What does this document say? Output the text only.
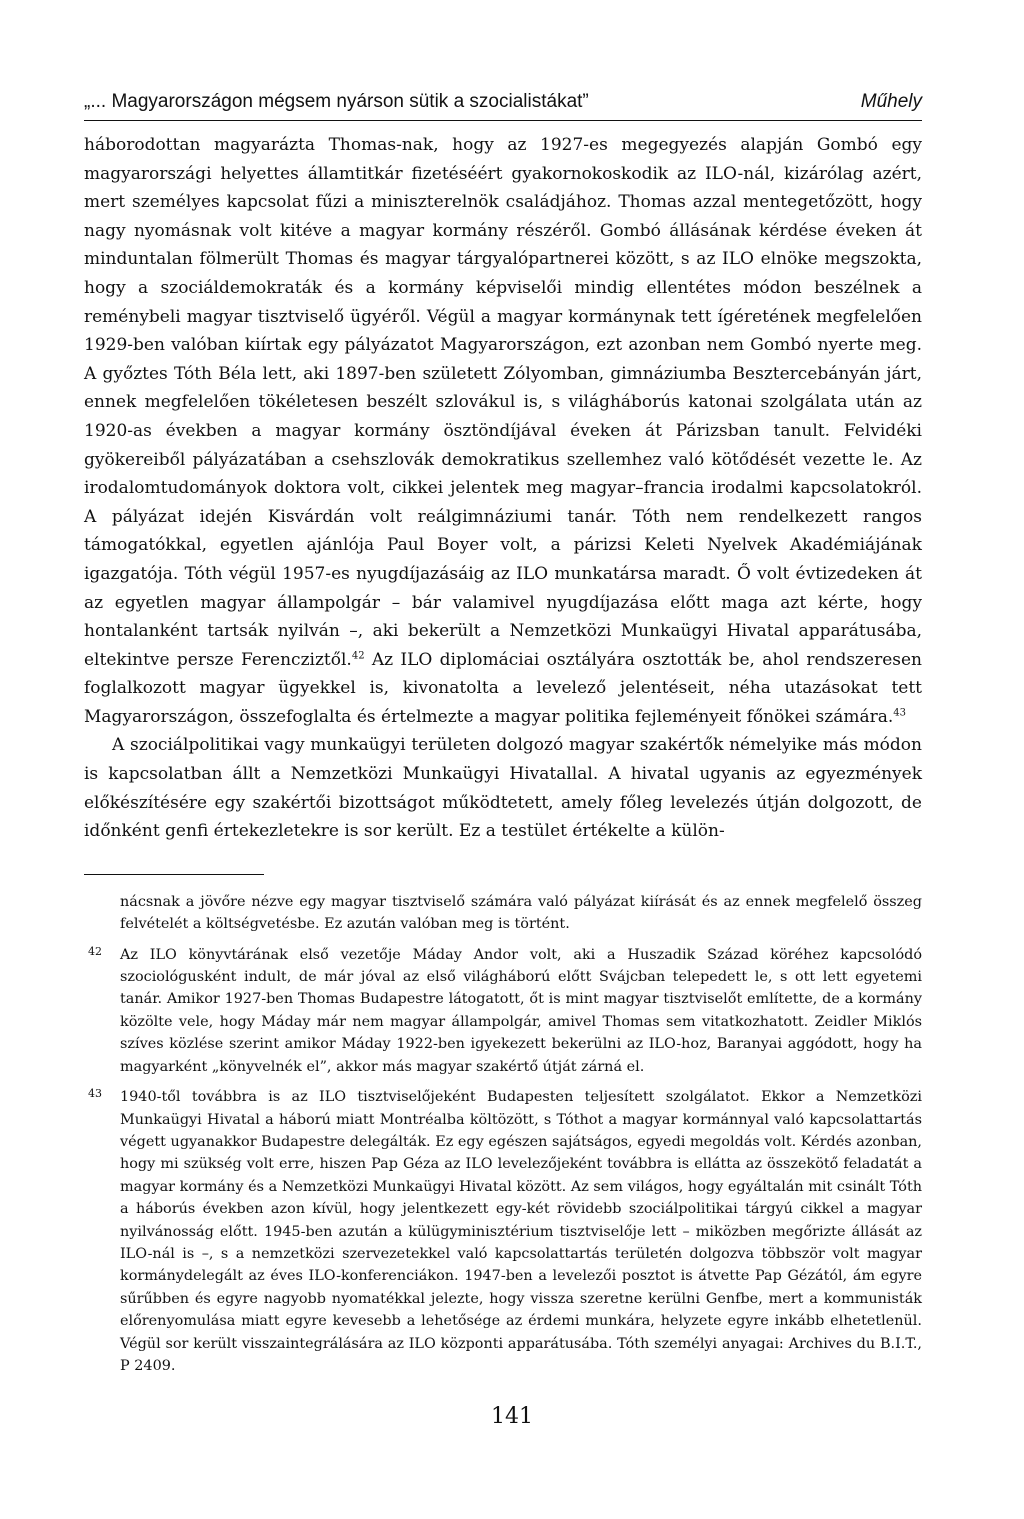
„... Magyarországon mégsem nyárson sütik a szocialistákat”	Műhely

háborodottan magyarázta Thomas-nak, hogy az 1927-es megegyezés alapján Gombó egy magyarországi helyettes államtitkár fizetéséért gyakornokoskodik az ILO-nál, kizárólag azért, mert személyes kapcsolat fűzi a miniszterelnök családjához. Thomas azzal mentegetőzött, hogy nagy nyomásnak volt kitéve a magyar kormány részéről. Gombó állásának kérdése éveken át minduntalan fölmerült Thomas és magyar tárgyalópartnerei között, s az ILO elnöke megszokta, hogy a szociáldemokraták és a kormány képviselői mindig ellentétes módon beszélnek a reménybeli magyar tisztviselő ügyéről. Végül a magyar kormánynak tett ígéretének megfelelően 1929-ben valóban kiírtak egy pályázatot Magyarországon, ezt azonban nem Gombó nyerte meg. A győztes Tóth Béla lett, aki 1897-ben született Zólyomban, gimnáziumba Besztercebányán járt, ennek megfelelően tökéletesen beszélt szlovákul is, s világháborús katonai szolgálata után az 1920-as években a magyar kormány ösztöndíjával éveken át Párizsban tanult. Felvidéki gyökereiből pályázatában a csehszlovák demokratikus szellemhez való kötődését vezette le. Az irodalomtudományok doktora volt, cikkei jelentek meg magyar–francia irodalmi kapcsolatokról. A pályázat idején Kisvárdán volt reálgimnáziumi tanár. Tóth nem rendelkezett rangos támogatókkal, egyetlen ajánlója Paul Boyer volt, a párizsi Keleti Nyelvek Akadémiájának igazgatója. Tóth végül 1957-es nyugdíjazásáig az ILO munkatársa maradt. Ő volt évtizedeken át az egyetlen magyar állampolgár – bár valamivel nyugdíjazása előtt maga azt kérte, hogy hontalanként tartsák nyilván –, aki bekerült a Nemzetközi Munkaügyi Hivatal apparátusába, eltekintve persze Ferencziztől.$^{42}$ Az ILO diplomáciai osztályára osztották be, ahol rendszeresen foglalkozott magyar ügyekkel is, kivonatolta a levelező jelentéseit, néha utazásokat tett Magyarországon, összefoglalta és értelmezte a magyar politika fejleményeit főnökei számára.$^{43}$

A szociálpolitikai vagy munkaügyi területen dolgozó magyar szakértők némelyike más módon is kapcsolatban állt a Nemzetközi Munkaügyi Hivatallal. A hivatal ugyanis az egyezmények előkészítésére egy szakértői bizottságot működtetett, amely főleg levelezés útján dolgozott, de időnként genfi értekezletekre is sor került. Ez a testület értékelte a külön-

nácsnak a jövőre nézve egy magyar tisztviselő számára való pályázat kiírását és az ennek megfelelő összeg felvételét a költségvetésbe. Ez azután valóban meg is történt.
42 Az ILO könyvtárának első vezetője Máday Andor volt, aki a Huszadik Század köréhez kapcsolódó szociológusként indult, de már jóval az első világháború előtt Svájcban telepedett le, s ott lett egyetemi tanár. Amikor 1927-ben Thomas Budapestre látogatott, őt is mint magyar tisztviselőt említette, de a kormány közölte vele, hogy Máday már nem magyar állampolgár, amivel Thomas sem vitatkozhatott. Zeidler Miklós szíves közlése szerint amikor Máday 1922-ben igyekezett bekerülni az ILO-hoz, Baranyai aggódott, hogy ha magyarként „könyvelnék el”, akkor más magyar szakértő útját zárná el.
43 1940-től továbbra is az ILO tisztviselőjeként Budapesten teljesített szolgálatot. Ekkor a Nemzetközi Munkaügyi Hivatal a háború miatt Montréalba költözött, s Tóthot a magyar kormánnyal való kapcsolattartás végett ugyanakkor Budapestre delegálták. Ez egy egészen sajátságos, egyedi megoldás volt. Kérdés azonban, hogy mi szükség volt erre, hiszen Pap Géza az ILO levelezőjeként továbbra is ellátta az összekötő feladatát a magyar kormány és a Nemzetközi Munkaügyi Hivatal között. Az sem világos, hogy egyáltalán mit csinált Tóth a háborús években azon kívül, hogy jelentkezett egy-két rövidebb szociálpolitikai tárgyú cikkel a magyar nyilvánosság előtt. 1945-ben azután a külügyminisztérium tisztviselője lett – miközben megőrizte állását az ILO-nál is –, s a nemzetközi szervezetekkel való kapcsolattartás területén dolgozva többször volt magyar kormánydelegált az éves ILO-konferenciákon. 1947-ben a levelezői posztot is átvette Pap Gézától, ám egyre sűrűbben és egyre nagyobb nyomatékkal jelezte, hogy vissza szeretne kerülni Genfbe, mert a kommunisták előrenyomulása miatt egyre kevesebb a lehetősége az érdemi munkára, helyzete egyre inkább elhetetlenül. Végül sor került visszaintegrálására az ILO központi apparátusába. Tóth személyi anyagai: Archives du B.I.T., P 2409.
141
